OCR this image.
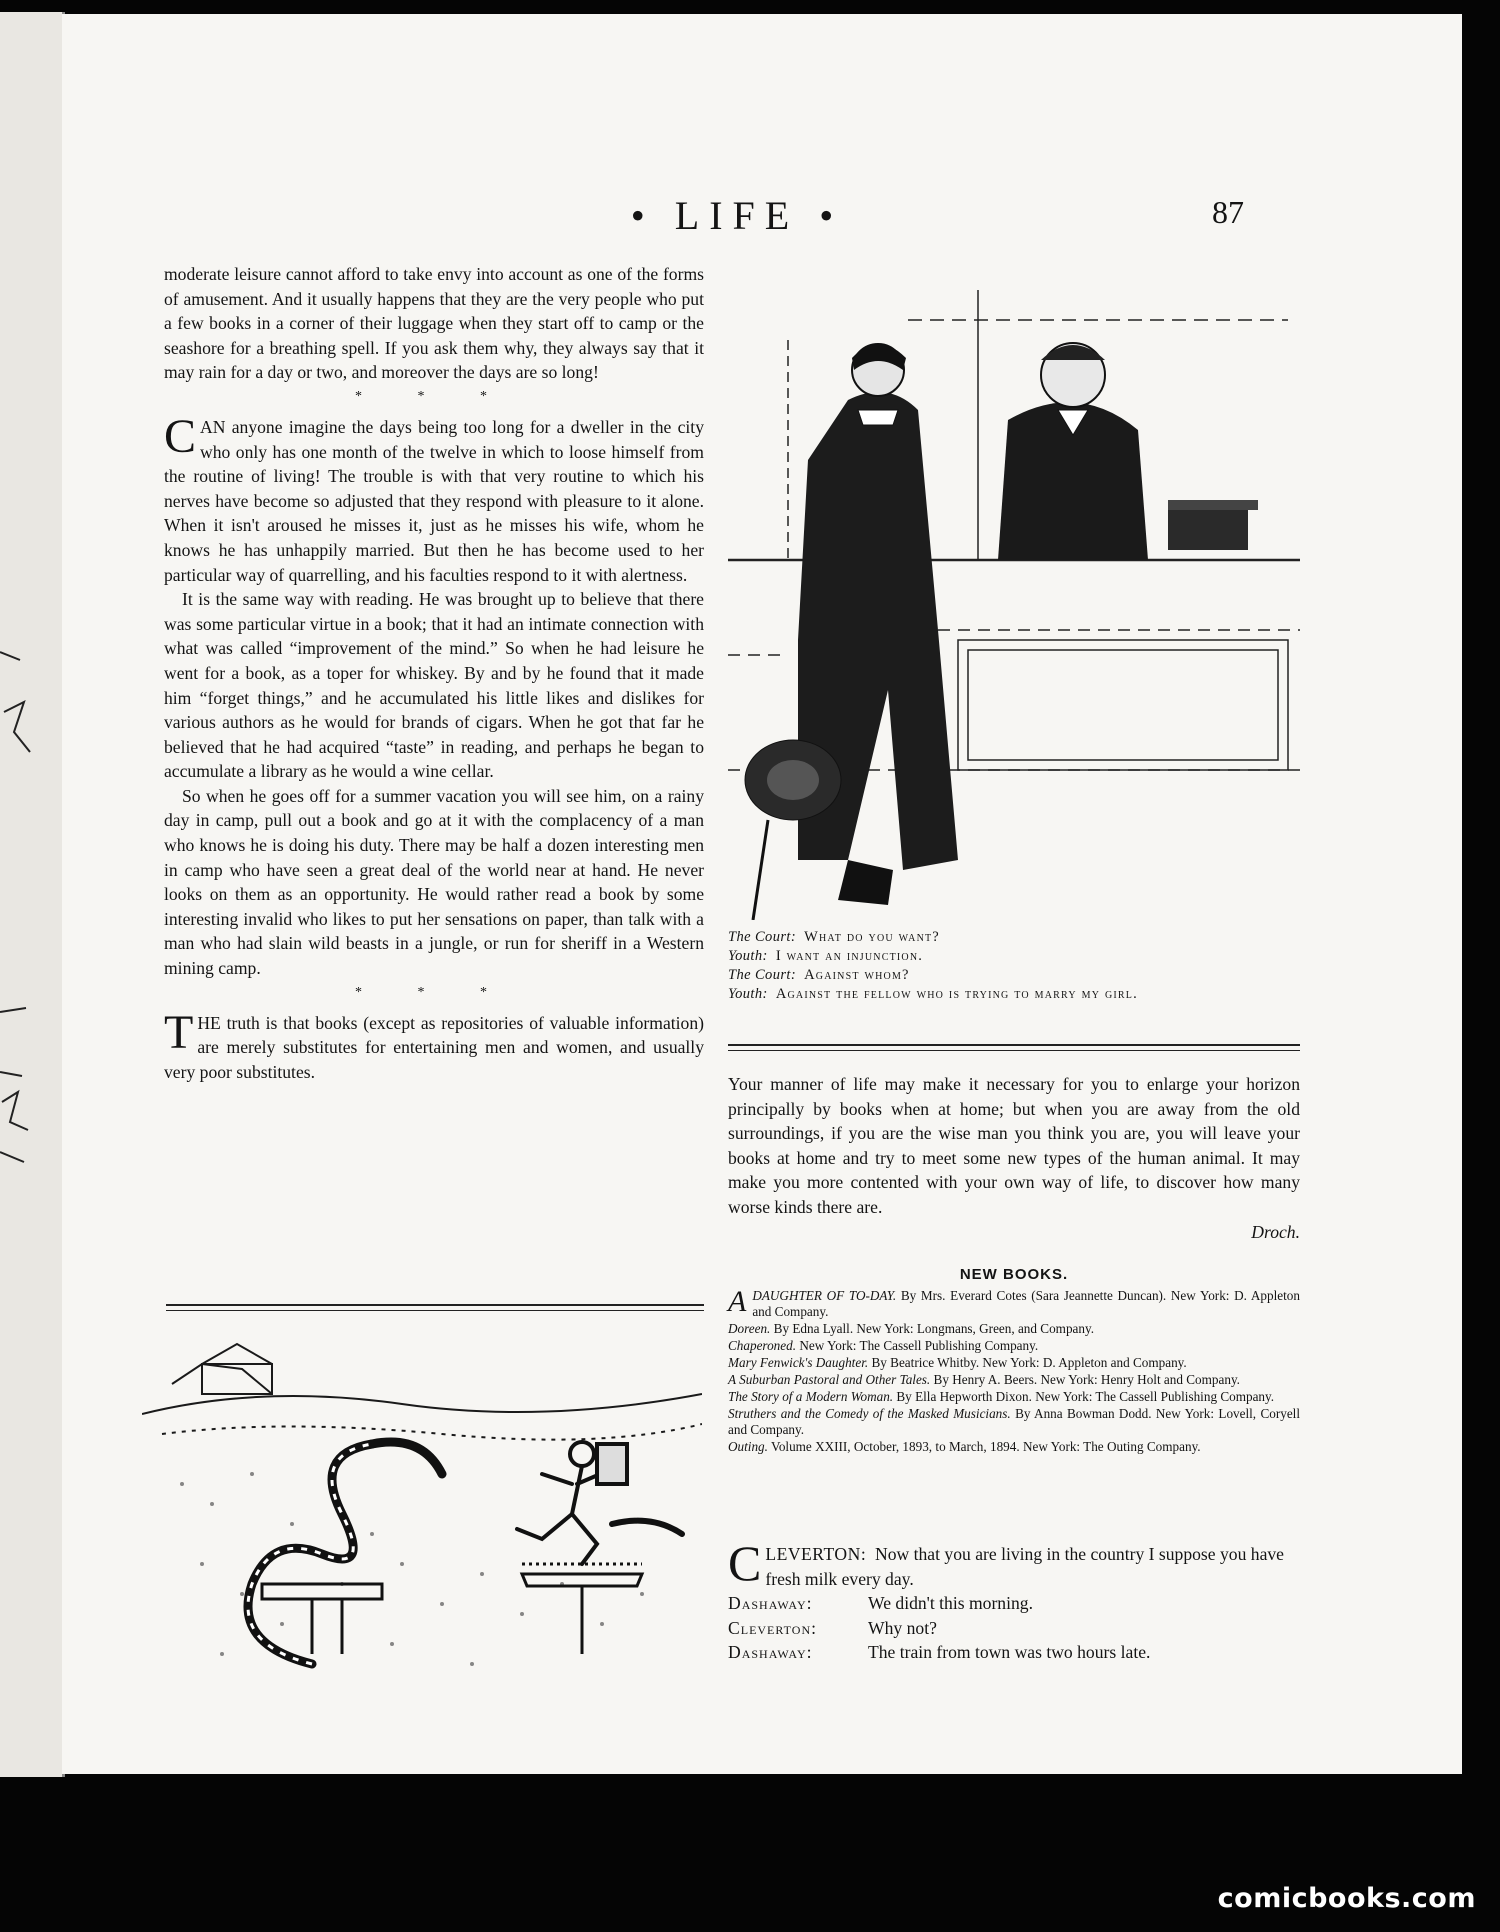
• LIFE •	87

moderate leisure cannot afford to take envy into account as one of the forms of amusement. And it usually happens that they are the very people who put a few books in a corner of their luggage when they start off to camp or the seashore for a breathing spell. If you ask them why, they always say that it may rain for a day or two, and moreover the days are so long!

* * *

CAN anyone imagine the days being too long for a dweller in the city who only has one month of the twelve in which to loose himself from the routine of living! The trouble is with that very routine to which his nerves have become so adjusted that they respond with pleasure to it alone. When it isn't aroused he misses it, just as he misses his wife, whom he knows he has unhappily married. But then he has become used to her particular way of quarrelling, and his faculties respond to it with alertness.

It is the same way with reading. He was brought up to believe that there was some particular virtue in a book; that it had an intimate connection with what was called “improvement of the mind.” So when he had leisure he went for a book, as a toper for whiskey. By and by he found that it made him “forget things,” and he accumulated his little likes and dislikes for various authors as he would for brands of cigars. When he got that far he believed that he had acquired “taste” in reading, and perhaps he began to accumulate a library as he would a wine cellar.

So when he goes off for a summer vacation you will see him, on a rainy day in camp, pull out a book and go at it with the complacency of a man who knows he is doing his duty. There may be half a dozen interesting men in camp who have seen a great deal of the world near at hand. He never looks on them as an opportunity. He would rather read a book by some interesting invalid who likes to put her sensations on paper, than talk with a man who had slain wild beasts in a jungle, or run for sheriff in a Western mining camp.

* * *

THE truth is that books (except as repositories of valuable information) are merely substitutes for entertaining men and women, and usually very poor substitutes.

The Court: What do you want?
Youth: I want an injunction.
The Court: Against whom?
Youth: Against the fellow who is trying to marry my girl.

Your manner of life may make it necessary for you to enlarge your horizon principally by books when at home; but when you are away from the old surroundings, if you are the wise man you think you are, you will leave your books at home and try to meet some new types of the human animal. It may make you more contented with your own way of life, to discover how many worse kinds there are.

Droch.

NEW BOOKS.

ADAUGHTER OF TO-DAY. By Mrs. Everard Cotes (Sara Jeannette Duncan). New York: D. Appleton and Company.

Doreen. By Edna Lyall. New York: Longmans, Green, and Company.

Chaperoned. New York: The Cassell Publishing Company.

Mary Fenwick's Daughter. By Beatrice Whitby. New York: D. Appleton and Company.

A Suburban Pastoral and Other Tales. By Henry A. Beers. New York: Henry Holt and Company.

The Story of a Modern Woman. By Ella Hepworth Dixon. New York: The Cassell Publishing Company.

Struthers and the Comedy of the Masked Musicians. By Anna Bowman Dodd. New York: Lovell, Coryell and Company.

Outing. Volume XXIII, October, 1893, to March, 1894. New York: The Outing Company.

C LEVERTON: Now that you are living in the country I suppose you have fresh milk every day.
Dashaway:	We didn't this morning.
Cleverton:	Why not?
Dashaway:	The train from town was two hours late.
comicbooks.com
